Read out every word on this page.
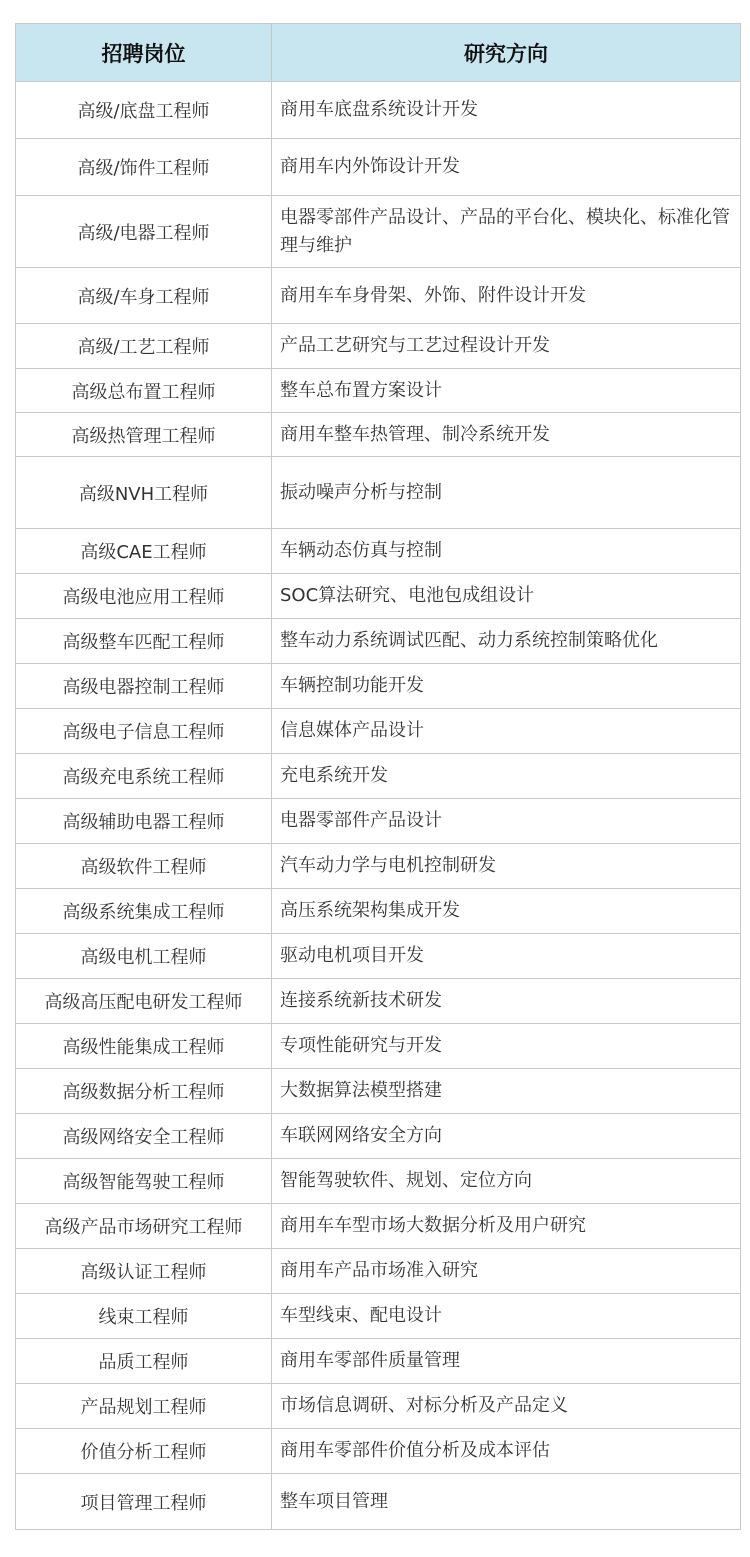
招聘岗位	研究方向
高级/底盘工程师	商用车底盘系统设计开发
高级/饰件工程师	商用车内外饰设计开发
高级/电器工程师	电器零部件产品设计、产品的平台化、模块化、标准化管理与维护
高级/车身工程师	商用车车身骨架、外饰、附件设计开发
高级/工艺工程师	产品工艺研究与工艺过程设计开发
高级总布置工程师	整车总布置方案设计
高级热管理工程师	商用车整车热管理、制冷系统开发
高级NVH工程师	振动噪声分析与控制
高级CAE工程师	车辆动态仿真与控制
高级电池应用工程师	SOC算法研究、电池包成组设计
高级整车匹配工程师	整车动力系统调试匹配、动力系统控制策略优化
高级电器控制工程师	车辆控制功能开发
高级电子信息工程师	信息媒体产品设计
高级充电系统工程师	充电系统开发
高级辅助电器工程师	电器零部件产品设计
高级软件工程师	汽车动力学与电机控制研发
高级系统集成工程师	高压系统架构集成开发
高级电机工程师	驱动电机项目开发
高级高压配电研发工程师	连接系统新技术研发
高级性能集成工程师	专项性能研究与开发
高级数据分析工程师	大数据算法模型搭建
高级网络安全工程师	车联网网络安全方向
高级智能驾驶工程师	智能驾驶软件、规划、定位方向
高级产品市场研究工程师	商用车车型市场大数据分析及用户研究
高级认证工程师	商用车产品市场准入研究
线束工程师	车型线束、配电设计
品质工程师	商用车零部件质量管理
产品规划工程师	市场信息调研、对标分析及产品定义
价值分析工程师	商用车零部件价值分析及成本评估
项目管理工程师	整车项目管理
